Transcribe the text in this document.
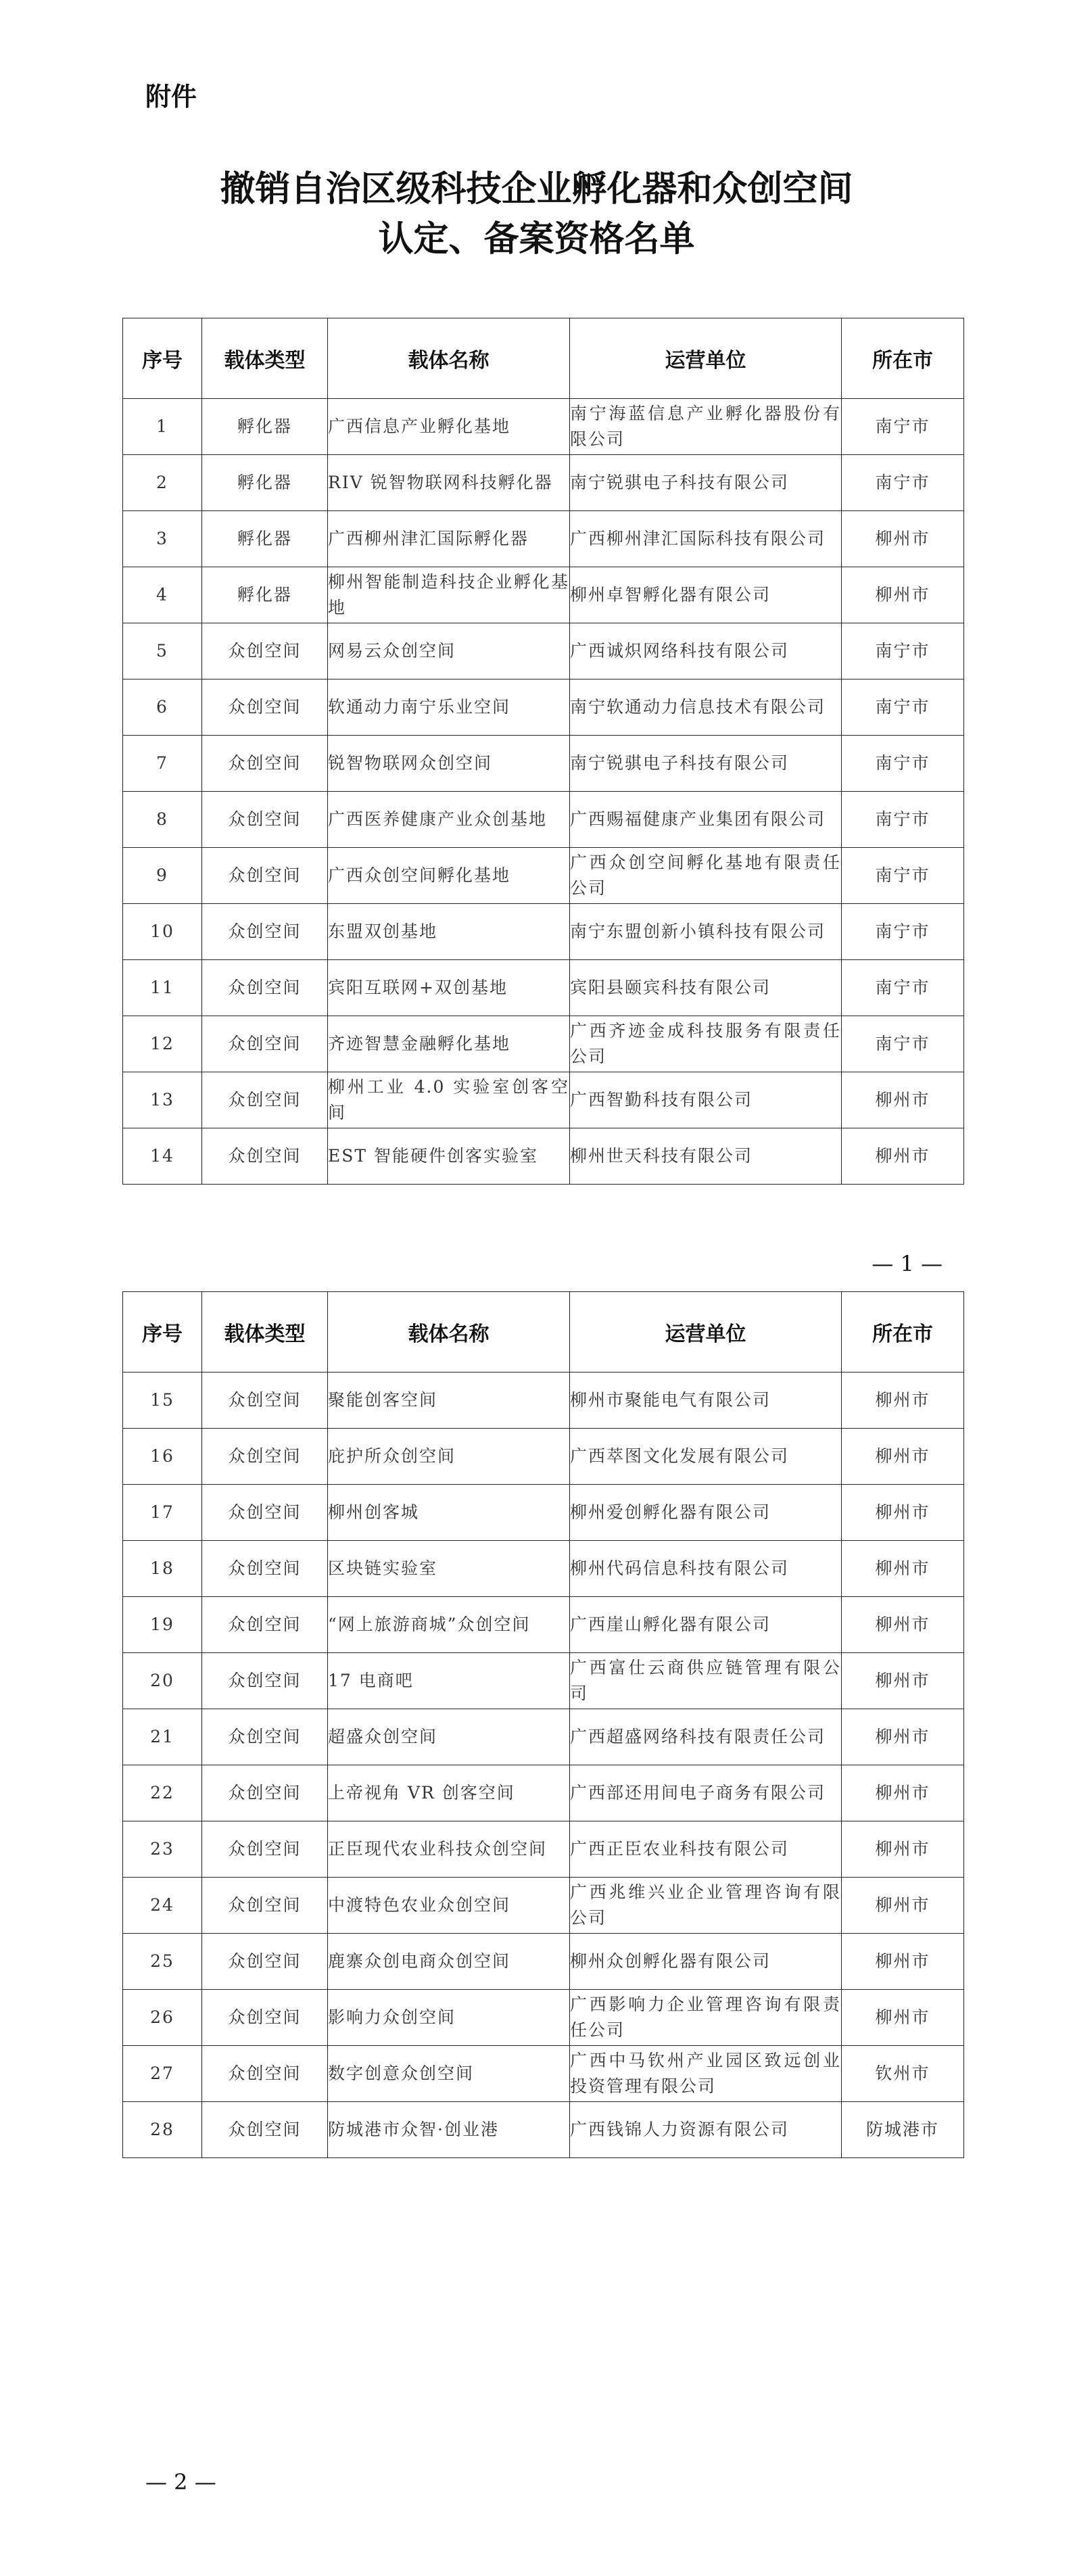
附件
撤销自治区级科技企业孵化器和众创空间
认定、备案资格名单
序号	载体类型	载体名称	运营单位	所在市
1	孵化器	广西信息产业孵化基地	南宁海蓝信息产业孵化器股份有限公司	南宁市
2	孵化器	RIV 锐智物联网科技孵化器	南宁锐骐电子科技有限公司	南宁市
3	孵化器	广西柳州津汇国际孵化器	广西柳州津汇国际科技有限公司	柳州市
4	孵化器	柳州智能制造科技企业孵化基地	柳州卓智孵化器有限公司	柳州市
5	众创空间	网易云众创空间	广西诚炽网络科技有限公司	南宁市
6	众创空间	软通动力南宁乐业空间	南宁软通动力信息技术有限公司	南宁市
7	众创空间	锐智物联网众创空间	南宁锐骐电子科技有限公司	南宁市
8	众创空间	广西医养健康产业众创基地	广西赐福健康产业集团有限公司	南宁市
9	众创空间	广西众创空间孵化基地	广西众创空间孵化基地有限责任公司	南宁市
10	众创空间	东盟双创基地	南宁东盟创新小镇科技有限公司	南宁市
11	众创空间	宾阳互联网+双创基地	宾阳县颐宾科技有限公司	南宁市
12	众创空间	齐迹智慧金融孵化基地	广西齐迹金成科技服务有限责任公司	南宁市
13	众创空间	柳州工业 4.0 实验室创客空间	广西智勤科技有限公司	柳州市
14	众创空间	EST 智能硬件创客实验室	柳州世天科技有限公司	柳州市
— 1 —
序号	载体类型	载体名称	运营单位	所在市
15	众创空间	聚能创客空间	柳州市聚能电气有限公司	柳州市
16	众创空间	庇护所众创空间	广西萃图文化发展有限公司	柳州市
17	众创空间	柳州创客城	柳州爱创孵化器有限公司	柳州市
18	众创空间	区块链实验室	柳州代码信息科技有限公司	柳州市
19	众创空间	“网上旅游商城”众创空间	广西崖山孵化器有限公司	柳州市
20	众创空间	17 电商吧	广西富仕云商供应链管理有限公司	柳州市
21	众创空间	超盛众创空间	广西超盛网络科技有限责任公司	柳州市
22	众创空间	上帝视角 VR 创客空间	广西部还用间电子商务有限公司	柳州市
23	众创空间	正臣现代农业科技众创空间	广西正臣农业科技有限公司	柳州市
24	众创空间	中渡特色农业众创空间	广西兆维兴业企业管理咨询有限公司	柳州市
25	众创空间	鹿寨众创电商众创空间	柳州众创孵化器有限公司	柳州市
26	众创空间	影响力众创空间	广西影响力企业管理咨询有限责任公司	柳州市
27	众创空间	数字创意众创空间	广西中马钦州产业园区致远创业投资管理有限公司	钦州市
28	众创空间	防城港市众智·创业港	广西钱锦人力资源有限公司	防城港市
— 2 —
